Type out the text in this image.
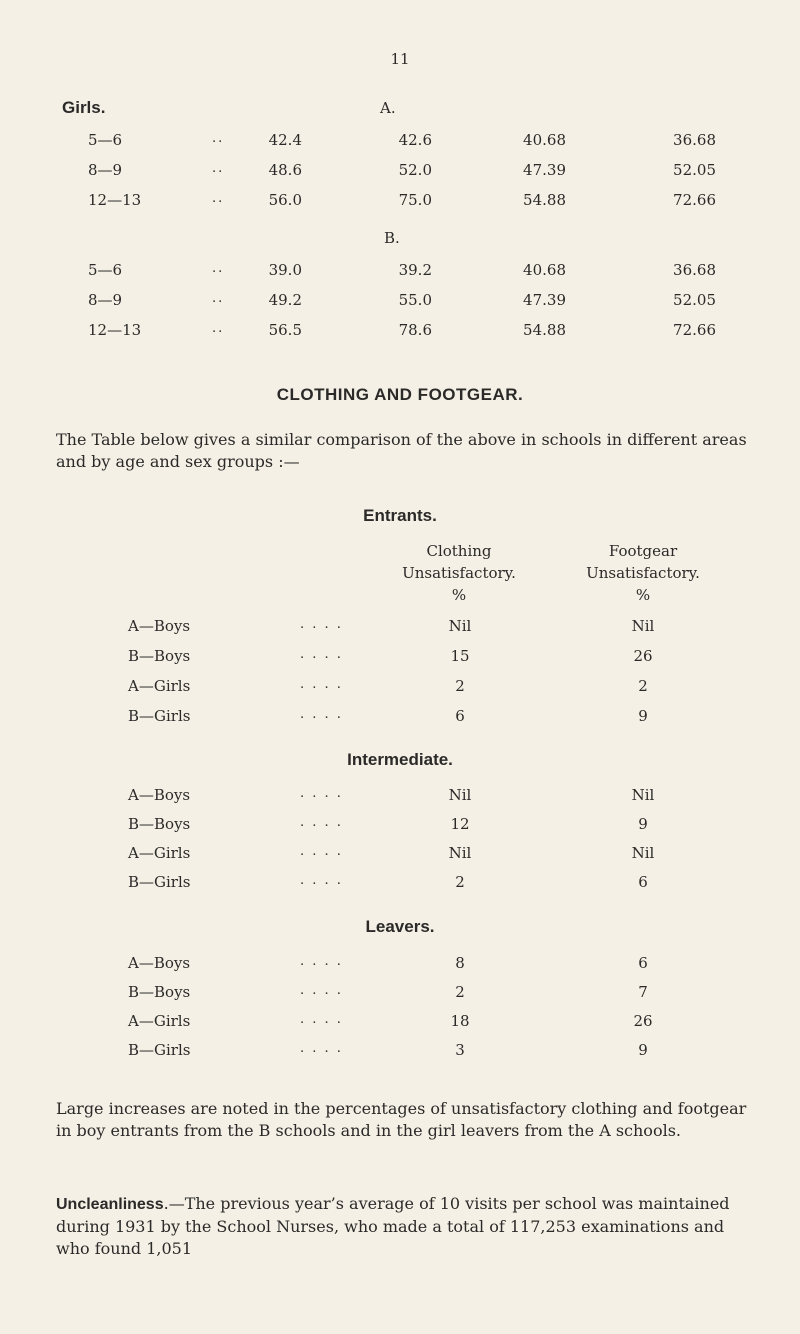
11
Girls.	A.
5—6	..	42.4	42.6	40.68	36.68
8—9	..	48.6	52.0	47.39	52.05
12—13	..	56.0	75.0	54.88	72.66
B.
5—6	..	39.0	39.2	40.68	36.68
8—9	..	49.2	55.0	47.39	52.05
12—13	..	56.5	78.6	54.88	72.66
CLOTHING AND FOOTGEAR.
The Table below gives a similar comparison of the above in schools in different areas and by age and sex groups :—
Entrants.
Clothing
Unsatisfactory.
%
Footgear
Unsatisfactory.
%
A—Boys	. . . .	Nil	Nil
B—Boys	. . . .	15	26
A—Girls	. . . .	2	2
B—Girls	. . . .	6	9
Intermediate.
A—Boys	. . . .	Nil	Nil
B—Boys	. . . .	12	9
A—Girls	. . . .	Nil	Nil
B—Girls	. . . .	2	6
Leavers.
A—Boys	. . . .	8	6
B—Boys	. . . .	2	7
A—Girls	. . . .	18	26
B—Girls	. . . .	3	9
Large increases are noted in the percentages of unsatisfactory clothing and footgear in boy entrants from the B schools and in the girl leavers from the A schools.
Uncleanliness.—The previous year’s average of 10 visits per school was maintained during 1931 by the School Nurses, who made a total of 117,253 examinations and who found 1,051
